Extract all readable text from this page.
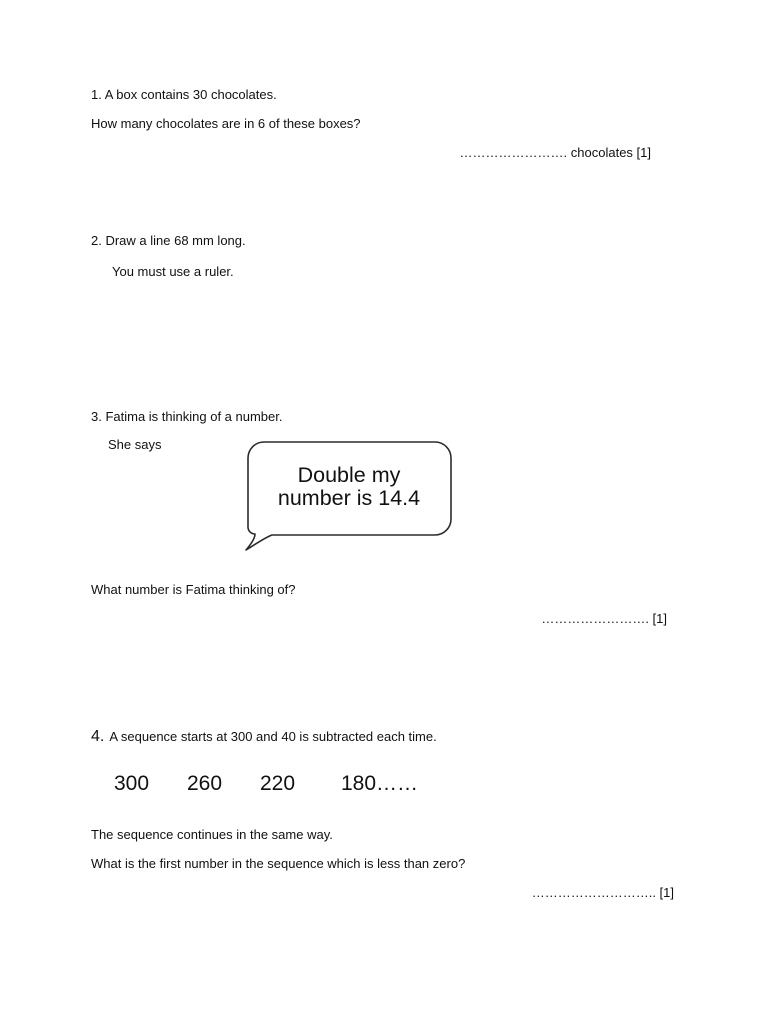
1. A box contains 30 chocolates.
How many chocolates are in 6 of these boxes?
……………………. chocolates [1]
2. Draw a line 68 mm long.
You must use a ruler.
3. Fatima is thinking of a number.
She says
Double my
number is 14.4
What number is Fatima thinking of?
……………………. [1]
4. A sequence starts at 300 and 40 is subtracted each time.
300 260 220 180……
The sequence continues in the same way.
What is the first number in the sequence which is less than zero?
……………………….. [1]
